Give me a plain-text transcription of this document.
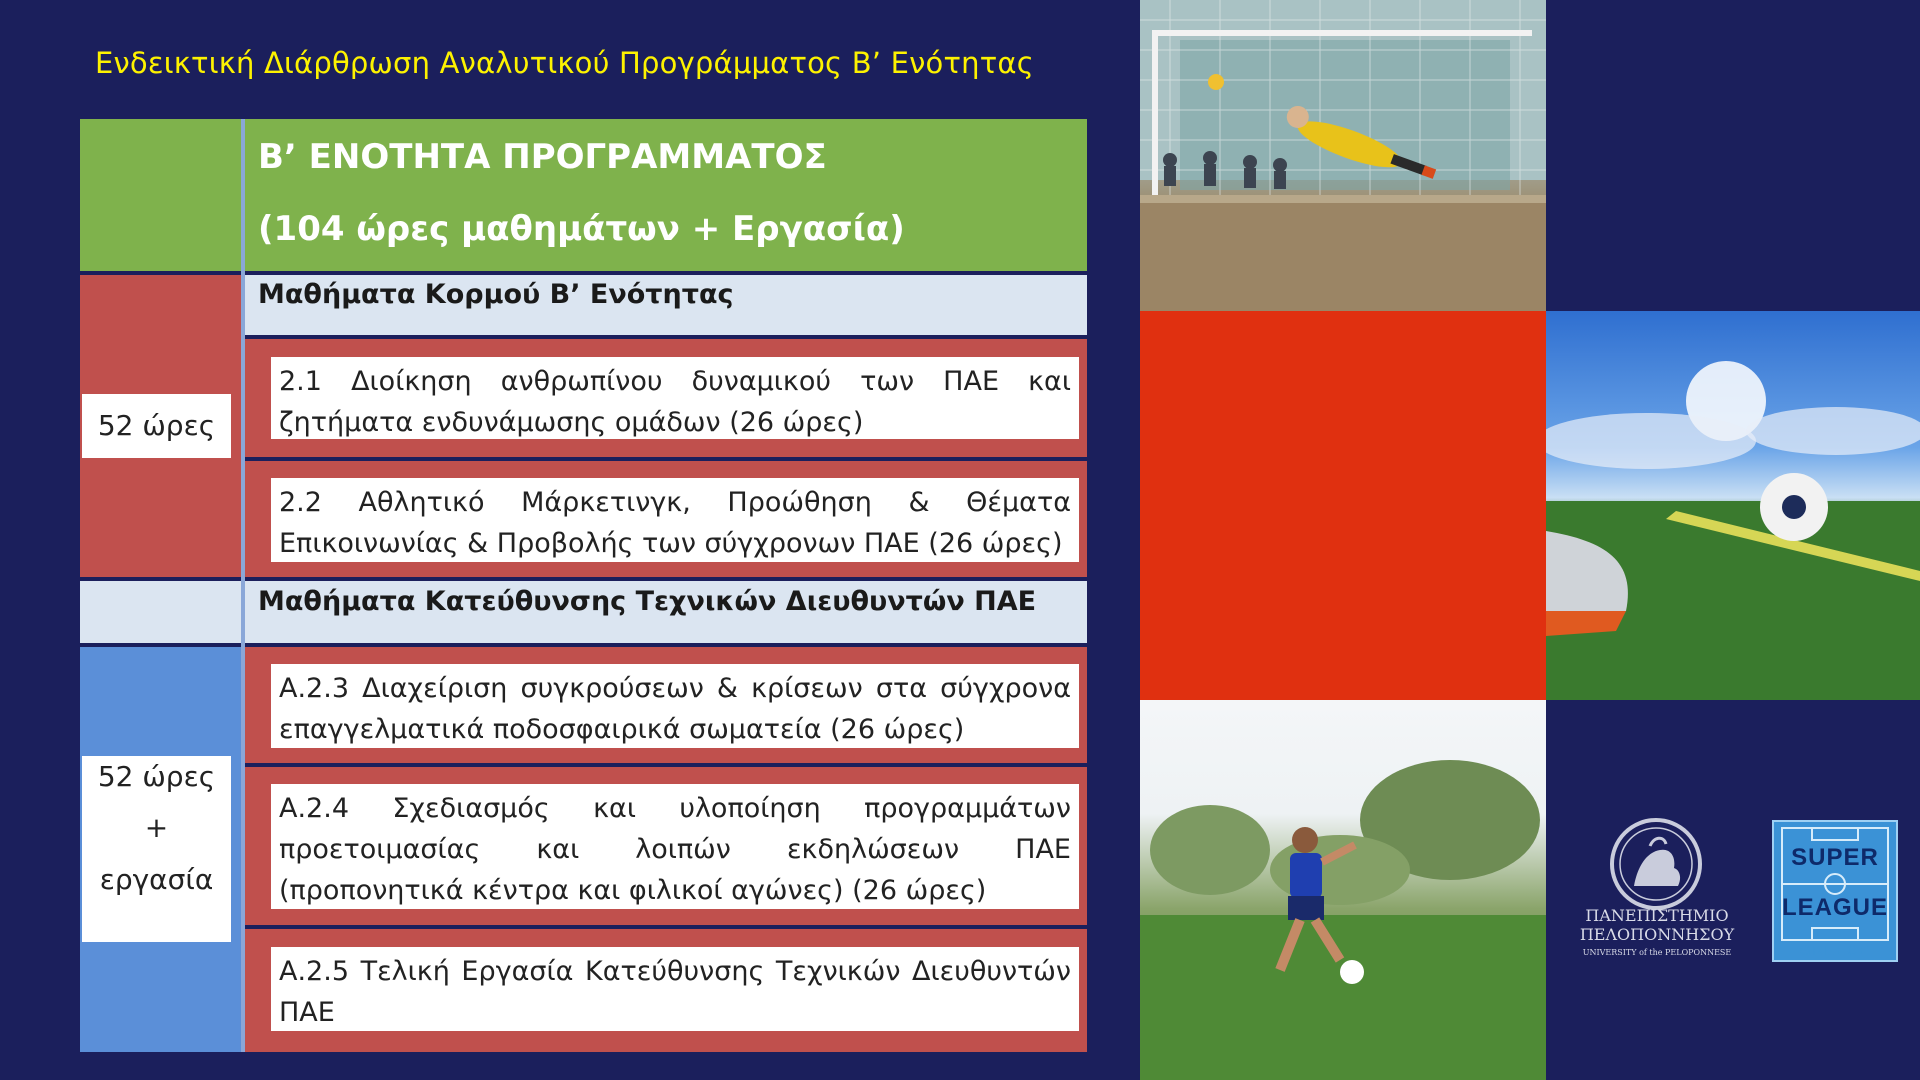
Ενδεικτική Διάρθρωση Αναλυτικού Προγράμματος Β’ Ενότητας
Β’ ΕΝΟΤΗΤΑ ΠΡΟΓΡΑΜΜΑΤΟΣ
(104 ώρες μαθημάτων + Εργασία)
52 ώρες
Μαθήματα Κορμού Β’ Ενότητας
2.1 Διοίκηση ανθρωπίνου δυναμικού των ΠΑΕ και ζητήματα ενδυνάμωσης ομάδων (26 ώρες)
2.2 Αθλητικό Μάρκετινγκ, Προώθηση & Θέματα Επικοινωνίας & Προβολής των σύγχρονων ΠΑΕ (26 ώρες)
Μαθήματα Κατεύθυνσης Τεχνικών Διευθυντών ΠΑΕ
52 ώρες
+
εργασία
Α.2.3 Διαχείριση συγκρούσεων & κρίσεων στα σύγχρονα επαγγελματικά ποδοσφαιρικά σωματεία (26 ώρες)
Α.2.4 Σχεδιασμός και υλοποίηση προγραμμάτων προετοιμασίας και λοιπών εκδηλώσεων ΠΑΕ (προπονητικά κέντρα και φιλικοί αγώνες) (26 ώρες)
Α.2.5 Τελική Εργασία Κατεύθυνσης Τεχνικών Διευθυντών ΠΑΕ
ΠΑΝΕΠΙΣΤΗΜΙΟ
ΠΕΛΟΠΟΝΝΗΣΟΥ
UNIVERSITY of the PELOPONNESE
SUPER
LEAGUE
GREECE
